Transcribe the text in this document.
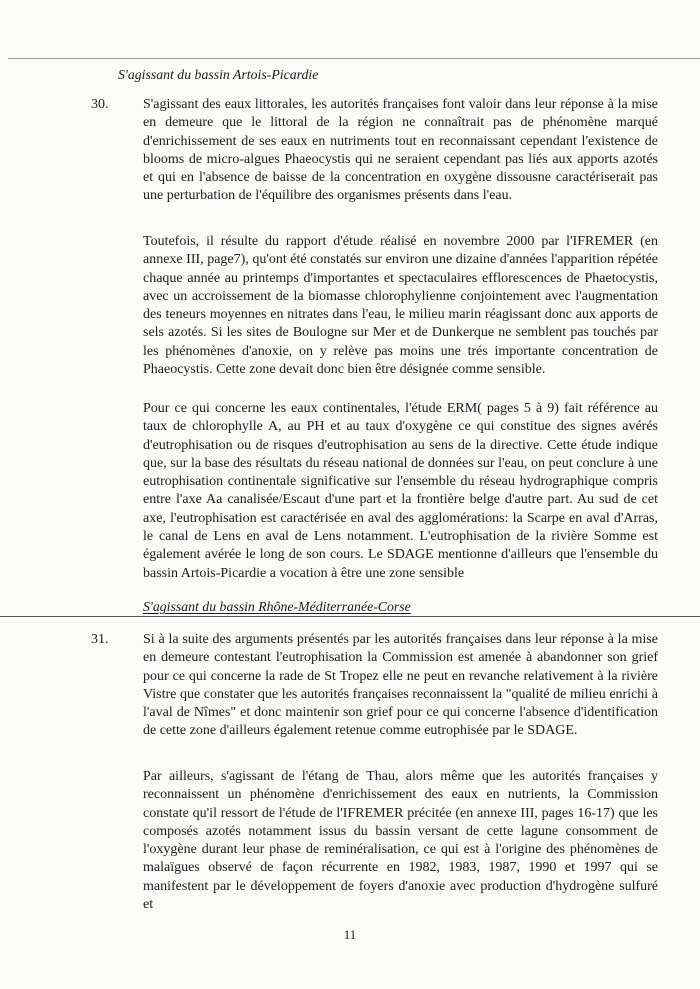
S'agissant du bassin Artois-Picardie
30. S'agissant des eaux littorales, les autorités françaises font valoir dans leur réponse à la mise en demeure que le littoral de la région ne connaîtrait pas de phénomène marqué d'enrichissement de ses eaux en nutriments tout en reconnaissant cependant l'existence de blooms de micro-algues Phaeocystis qui ne seraient cependant pas liés aux apports azotés et qui en l'absence de baisse de la concentration en oxygène dissousne caractériserait pas une perturbation de l'équilibre des organismes présents dans l'eau.

Toutefois, il résulte du rapport d'étude réalisé en novembre 2000 par l'IFREMER (en annexe III, page7), qu'ont été constatés sur environ une dizaine d'années l'apparition répétée chaque année au printemps d'importantes et spectaculaires efflorescences de Phaetocystis, avec un accroissement de la biomasse chlorophylienne conjointement avec l'augmentation des teneurs moyennes en nitrates dans l'eau, le milieu marin réagissant donc aux apports de sels azotés. Si les sites de Boulogne sur Mer et de Dunkerque ne semblent pas touchés par les phénomènes d'anoxie, on y relève pas moins une trés importante concentration de Phaeocystis. Cette zone devait donc bien être désignée comme sensible.

Pour ce qui concerne les eaux continentales, l'étude ERM( pages 5 à 9) fait référence au taux de chlorophylle A, au PH et au taux d'oxygène ce qui constitue des signes avérés d'eutrophisation ou de risques d'eutrophisation au sens de la directive. Cette étude indique que, sur la base des résultats du réseau national de données sur l'eau, on peut conclure à une eutrophisation continentale significative sur l'ensemble du réseau hydrographique compris entre l'axe Aa canalisée/Escaut d'une part et la frontière belge d'autre part. Au sud de cet axe, l'eutrophisation est caractérisée en aval des agglomérations: la Scarpe en aval d'Arras, le canal de Lens en aval de Lens notamment. L'eutrophisation de la rivière Somme est également avérée le long de son cours. Le SDAGE mentionne d'ailleurs que l'ensemble du bassin Artois-Picardie a vocation à être une zone sensible

S'agissant du bassin Rhône-Méditerranée-Corse
31. Si à la suite des arguments présentés par les autorités françaises dans leur réponse à la mise en demeure contestant l'eutrophisation la Commission est amenée à abandonner son grief pour ce qui concerne la rade de St Tropez elle ne peut en revanche relativement à la rivière Vistre que constater que les autorités françaises reconnaissent la "qualité de milieu enrichi à l'aval de Nîmes" et donc maintenir son grief pour ce qui concerne l'absence d'identification de cette zone d'ailleurs également retenue comme eutrophisée par le SDAGE.

Par ailleurs, s'agissant de l'étang de Thau, alors même que les autorités françaises y reconnaissent un phénomène d'enrichissement des eaux en nutrients, la Commission constate qu'il ressort de l'étude de l'IFREMER précitée (en annexe III, pages 16-17) que les composés azotés notamment issus du bassin versant de cette lagune consomment de l'oxygène durant leur phase de reminéralisation, ce qui est à l'origine des phénomènes de malaïgues observé de façon récurrente en 1982, 1983, 1987, 1990 et 1997 qui se manifestent par le développement de foyers d'anoxie avec production d'hydrogène sulfuré et

11
